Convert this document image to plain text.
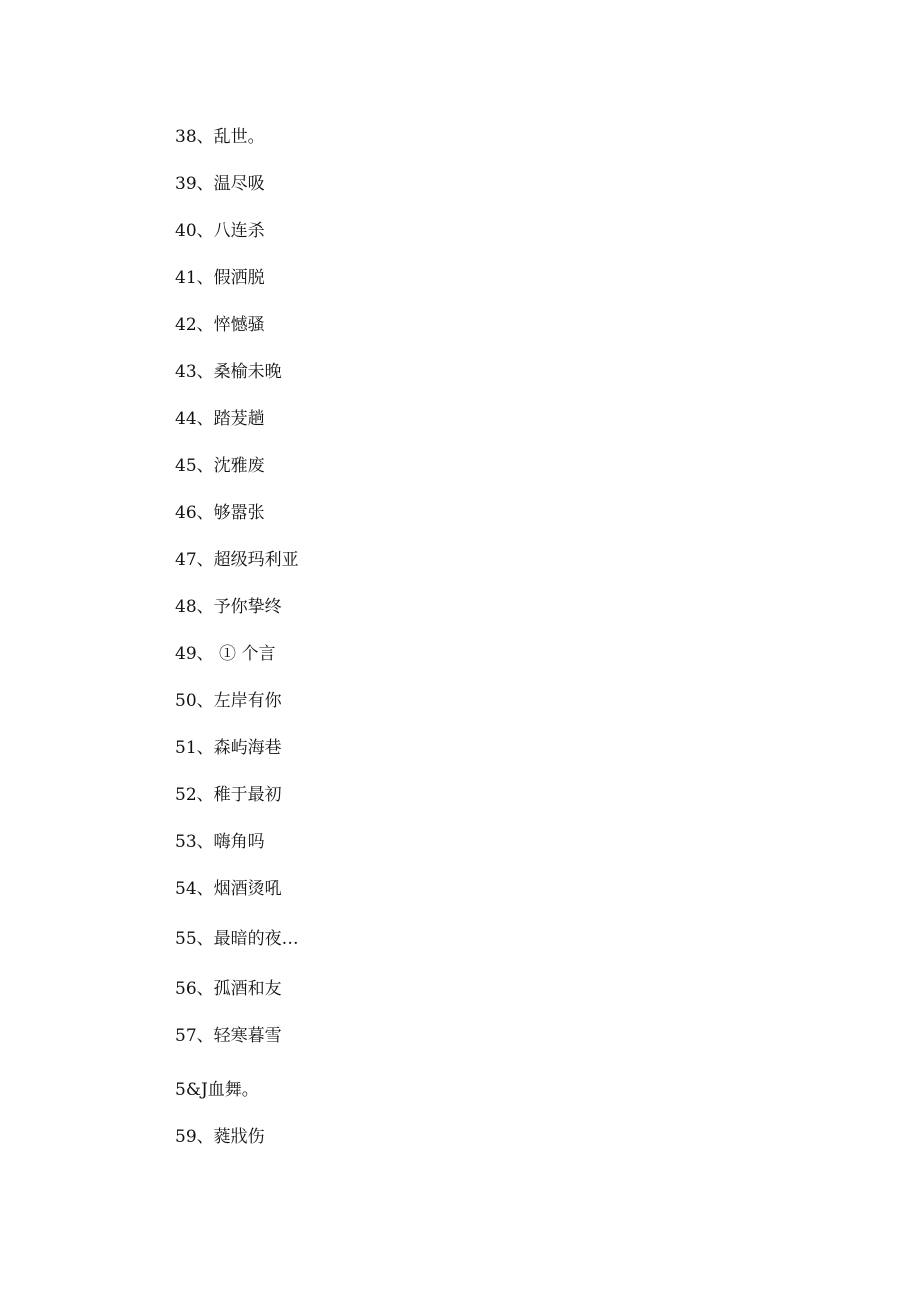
38、乱世。
39、温尽吸
40、八连杀
41、假洒脱
42、悴憾骚
43、桑榆未晚
44、踏茇趟
45、沈雅废
46、够嚣张
47、超级玛利亚
48、予你挚终
49、 ① 个言
50、左岸有你
51、森屿海巷
52、稚于最初
53、嗨角吗
54、烟酒烫吼
55、最暗的夜…
56、孤酒和友
57、轻寒暮雪
5&J血舞。
59、蕤戕伤
